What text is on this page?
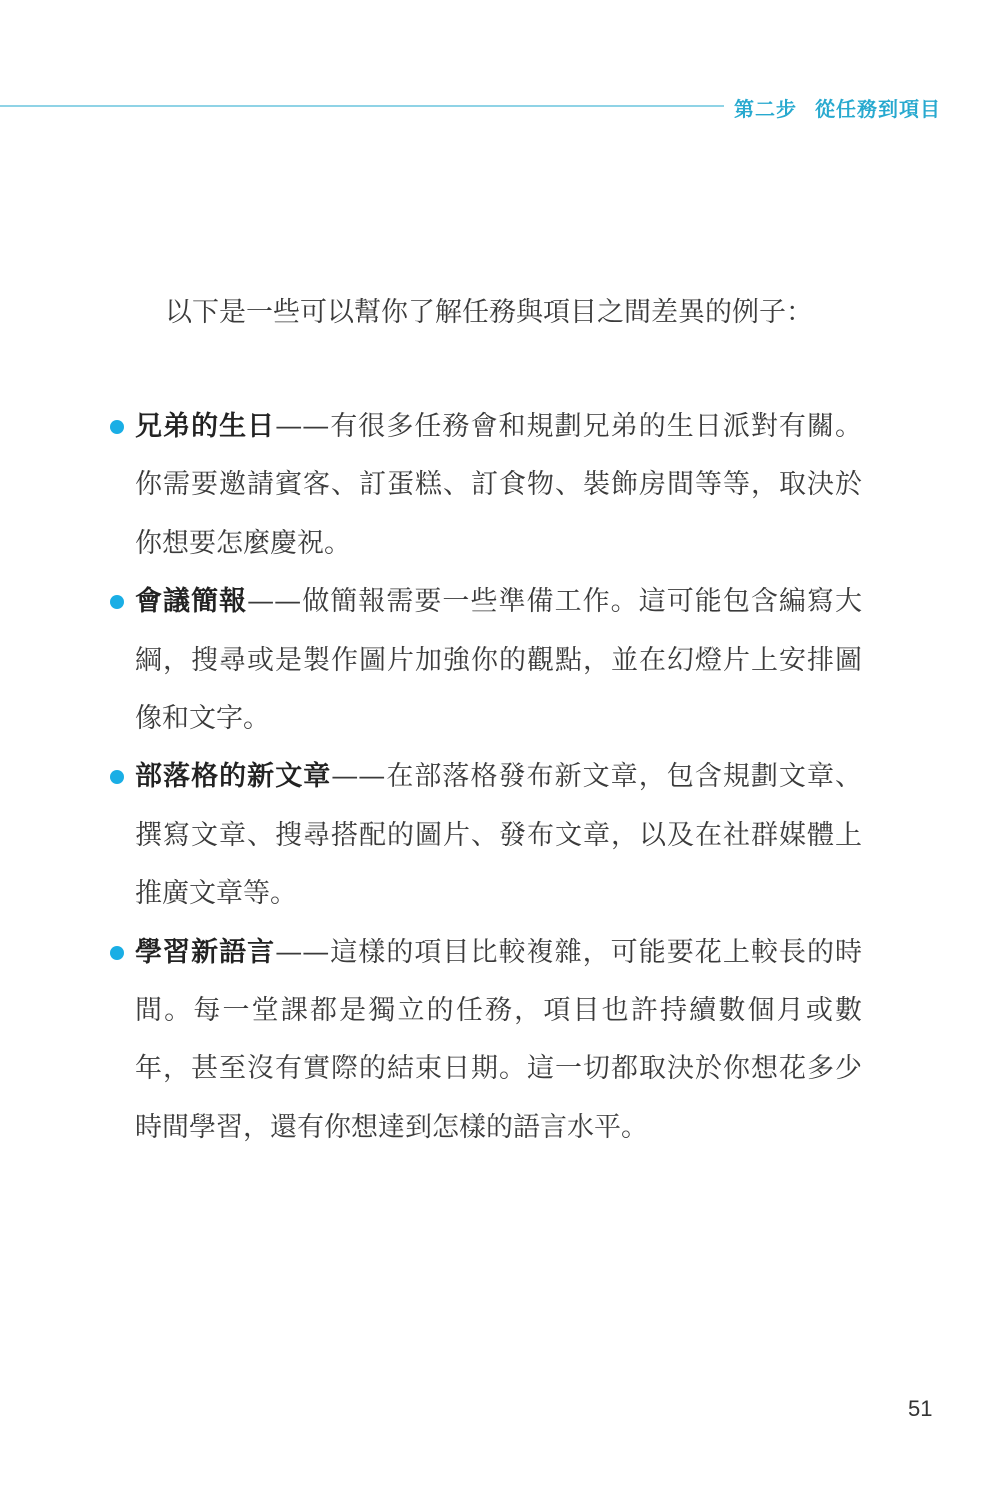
第二步 從任務到項目
以下是一些可以幫你了解任務與項目之間差異的例子：
兄弟的生日——有很多任務會和規劃兄弟的生日派對有關。
你需要邀請賓客、訂蛋糕、訂食物、裝飾房間等等，取決於
你想要怎麼慶祝。
會議簡報——做簡報需要一些準備工作。這可能包含編寫大
綱，搜尋或是製作圖片加強你的觀點，並在幻燈片上安排圖
像和文字。
部落格的新文章——在部落格發布新文章，包含規劃文章、
撰寫文章、搜尋搭配的圖片、發布文章，以及在社群媒體上
推廣文章等。
學習新語言——這樣的項目比較複雜，可能要花上較長的時
間。每一堂課都是獨立的任務，項目也許持續數個月或數
年，甚至沒有實際的結束日期。這一切都取決於你想花多少
時間學習，還有你想達到怎樣的語言水平。
51
